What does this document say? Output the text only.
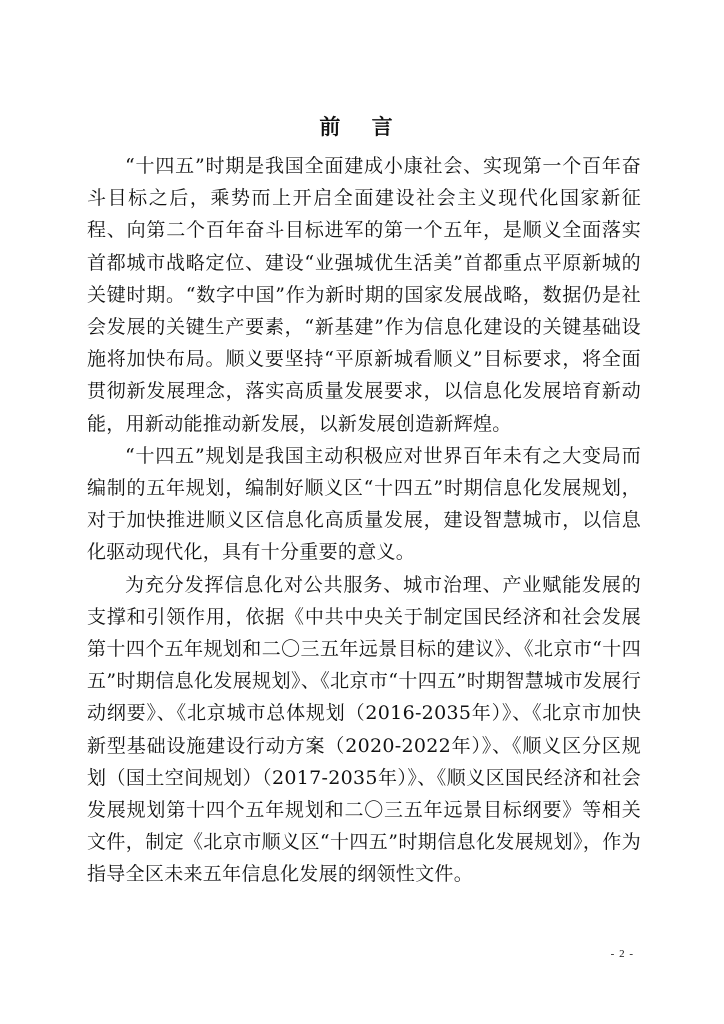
前 言

“十四五”时期是我国全面建成小康社会、实现第一个百年奋斗目标之后，乘势而上开启全面建设社会主义现代化国家新征程、向第二个百年奋斗目标进军的第一个五年，是顺义全面落实首都城市战略定位、建设“业强城优生活美”首都重点平原新城的关键时期。“数字中国”作为新时期的国家发展战略，数据仍是社会发展的关键生产要素，“新基建”作为信息化建设的关键基础设施将加快布局。顺义要坚持“平原新城看顺义”目标要求，将全面贯彻新发展理念，落实高质量发展要求，以信息化发展培育新动能，用新动能推动新发展，以新发展创造新辉煌。

“十四五”规划是我国主动积极应对世界百年未有之大变局而编制的五年规划，编制好顺义区“十四五”时期信息化发展规划，对于加快推进顺义区信息化高质量发展，建设智慧城市，以信息化驱动现代化，具有十分重要的意义。

为充分发挥信息化对公共服务、城市治理、产业赋能发展的支撑和引领作用，依据《中共中央关于制定国民经济和社会发展第十四个五年规划和二〇三五年远景目标的建议》、《北京市“十四五”时期信息化发展规划》、《北京市“十四五”时期智慧城市发展行动纲要》、《北京城市总体规划（2016-2035年）》、《北京市加快新型基础设施建设行动方案（2020-2022年）》、《顺义区分区规划（国土空间规划）（2017-2035年）》、《顺义区国民经济和社会发展规划第十四个五年规划和二〇三五年远景目标纲要》等相关文件，制定《北京市顺义区“十四五”时期信息化发展规划》，作为指导全区未来五年信息化发展的纲领性文件。

- 2 -
